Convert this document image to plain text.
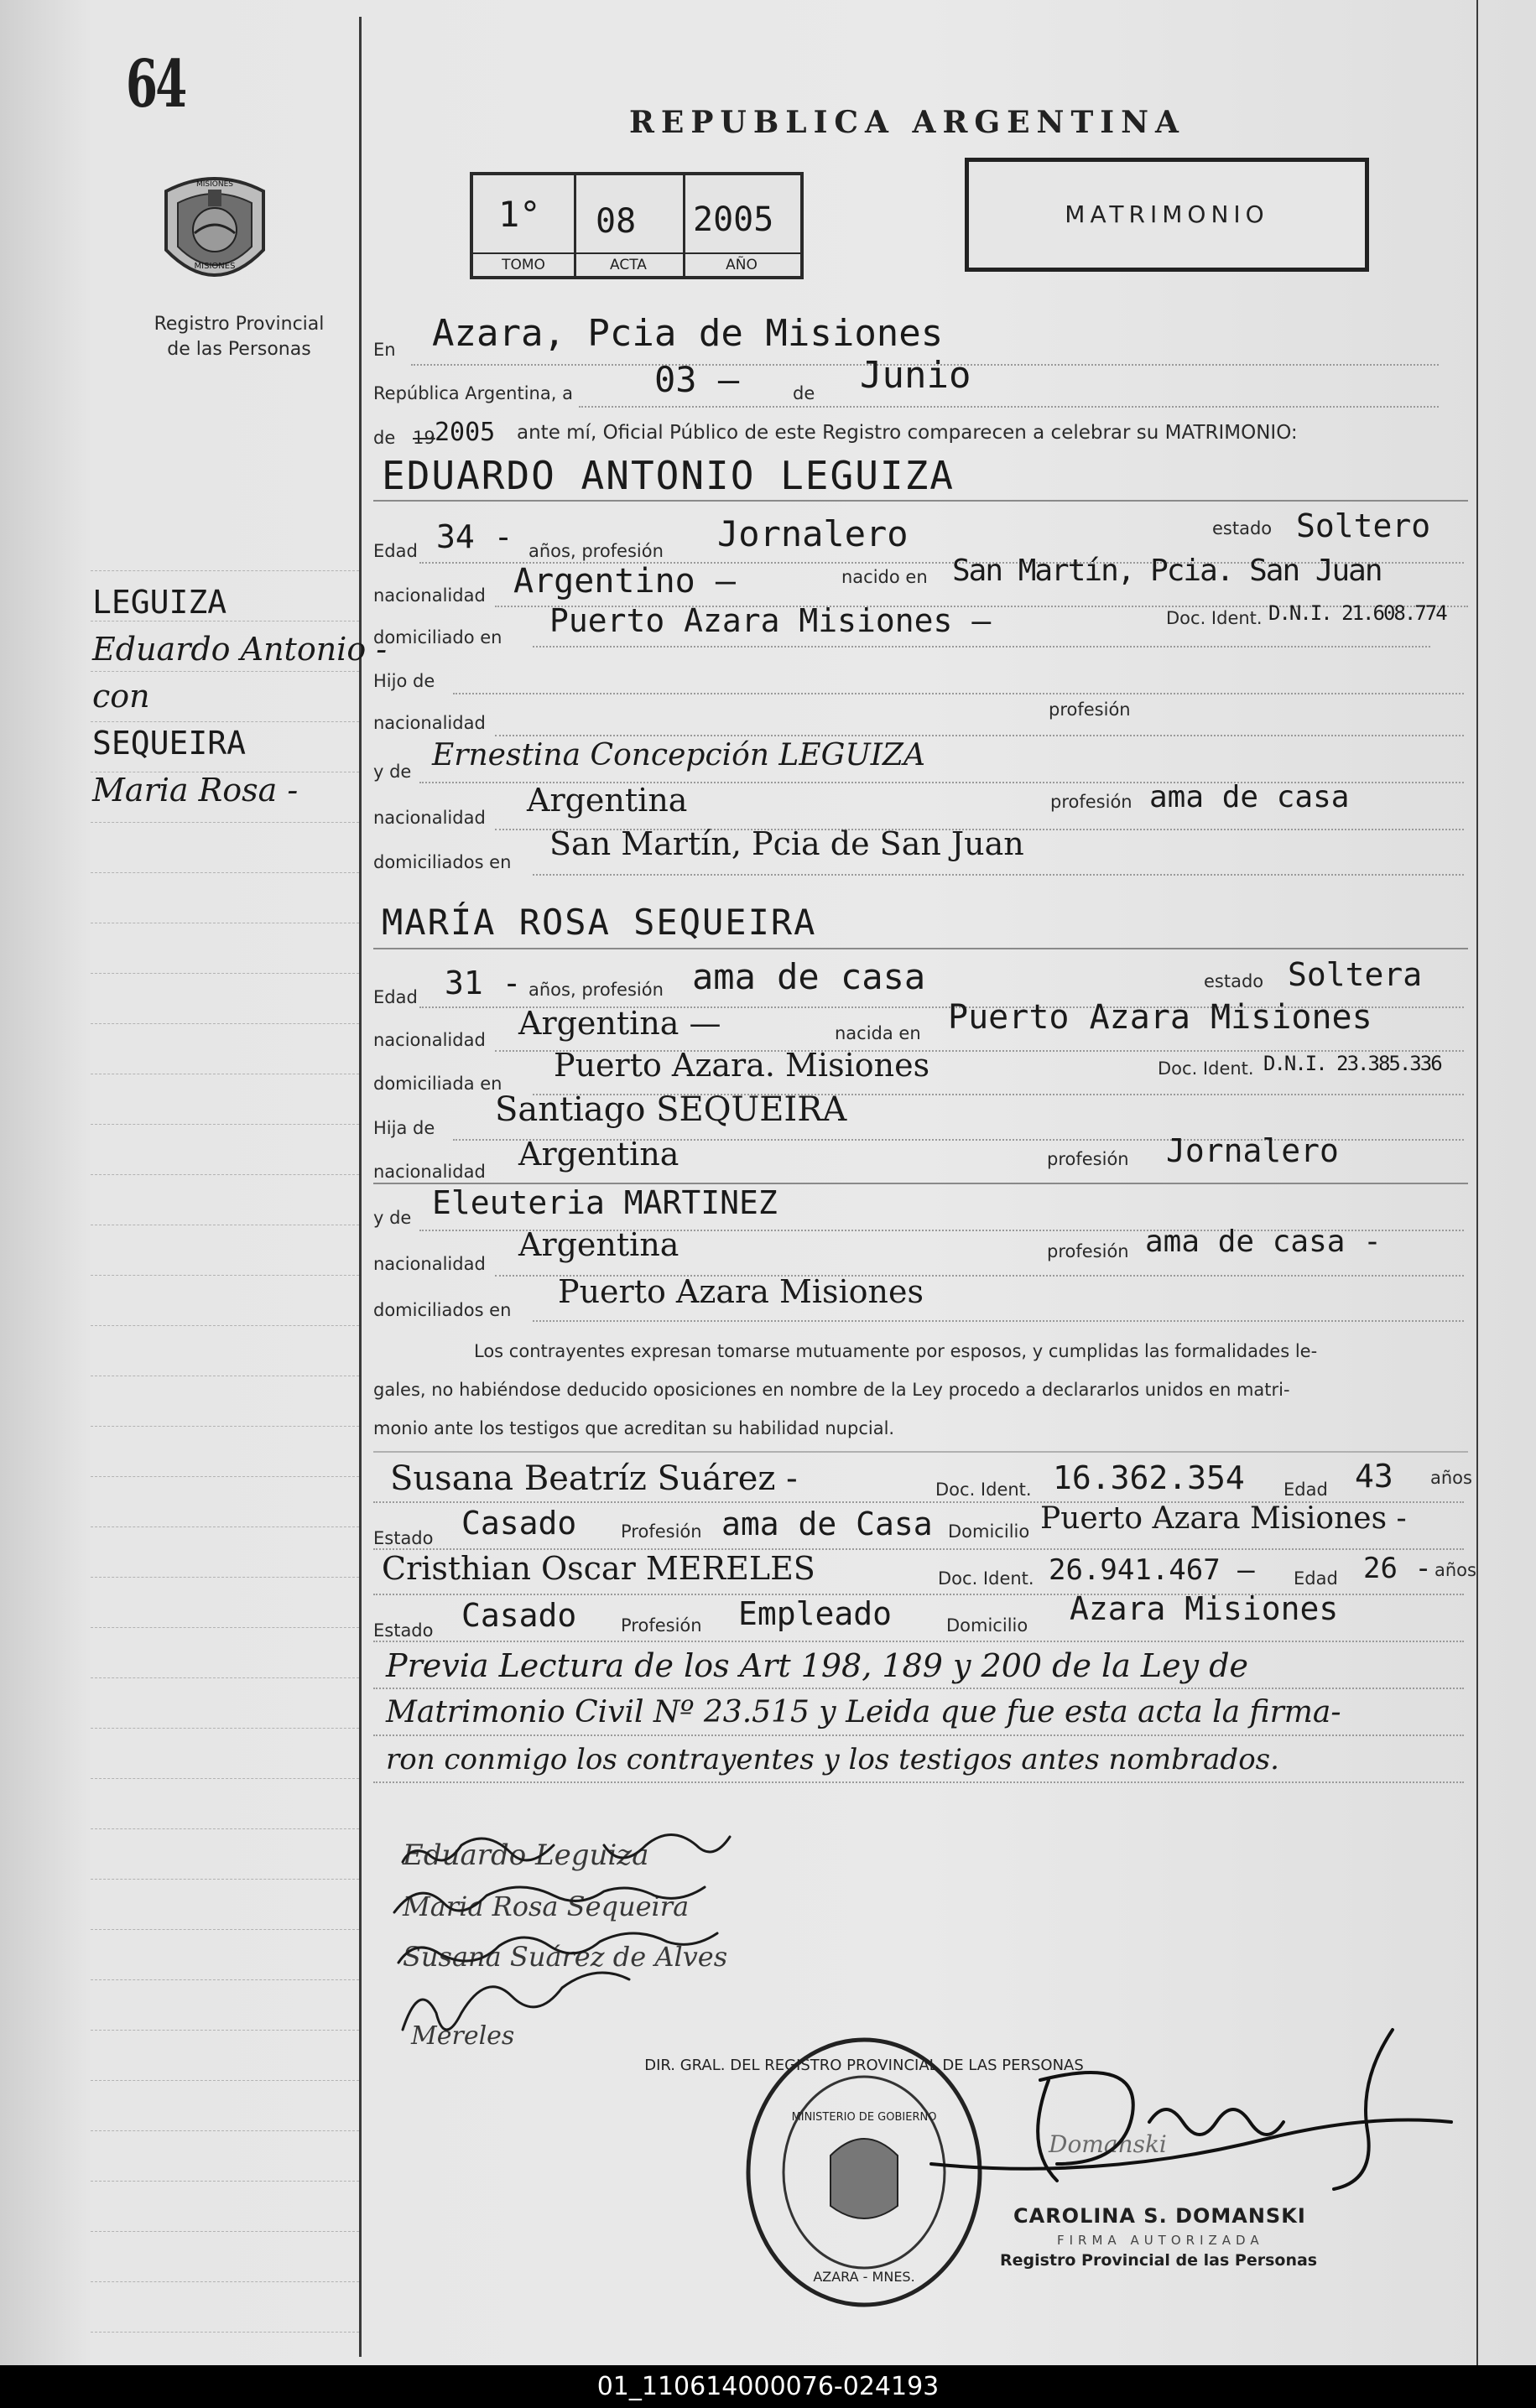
64
MISIONES
MISIONES
Registro Provincial
de las Personas
REPUBLICA ARGENTINA
1°
TOMO
08
ACTA
2005
AÑO
MATRIMONIO
LEGUIZA
Eduardo Antonio -
con
SEQUEIRA
Maria Rosa -
En Azara, Pcia de Misiones
República Argentina, a 03 —	de Junio
de 19 2005 ante mí, Oficial Público de este Registro comparecen a celebrar su MATRIMONIO:
EDUARDO ANTONIO LEGUIZA
Edad 34 - años, profesión Jornalero	estado Soltero
nacionalidad Argentino —	nacido en San Martín, Pcia. San Juan
domiciliado en Puerto Azara Misiones —	Doc. Ident. D.N.I. 21.608.774
Hijo de
nacionalidad
profesión
y de Ernestina Concepción LEGUIZA
nacionalidad Argentina	profesión ama de casa
domiciliados en San Martín, Pcia de San Juan
MARÍA ROSA SEQUEIRA
Edad 31 - años, profesión ama de casa	estado Soltera
nacionalidad Argentina —	nacida en Puerto Azara Misiones
domiciliada en Puerto Azara. Misiones	Doc. Ident. D.N.I. 23.385.336
Hija de Santiago SEQUEIRA
nacionalidad Argentina	profesión Jornalero
y de Eleuteria MARTINEZ
nacionalidad
Argentina	profesión ama de casa -
domiciliados en Puerto Azara Misiones
Los contrayentes expresan tomarse mutuamente por esposos, y cumplidas las formalidades le-
gales, no habiéndose deducido oposiciones en nombre de la Ley procedo a declararlos unidos en matri-
monio ante los testigos que acreditan su habilidad nupcial.
Susana Beatríz Suárez -	Doc. Ident. 16.362.354 Edad 43 años
Estado Casado	Profesión ama de Casa Domicilio Puerto Azara Misiones -
Cristhian Oscar MERELES	Doc. Ident. 26.941.467 — Edad 26 - años
Estado Casado	Profesión Empleado	Domicilio Azara Misiones
Previa Lectura de los Art 198, 189 y 200 de la Ley de
Matrimonio Civil Nº 23.515 y Leida que fue esta acta la firma-
ron conmigo los contrayentes y los testigos antes nombrados.
Eduardo Leguiza
Maria Rosa Sequeira
Susana Suárez de Alves
Mereles
DIR. GRAL. DEL REGISTRO PROVINCIAL DE LAS PERSONAS
MINISTERIO DE GOBIERNO
AZARA - MNES.
Domanski
CAROLINA S. DOMANSKI
FIRMA AUTORIZADA
Registro Provincial de las Personas
01_110614000076-024193
